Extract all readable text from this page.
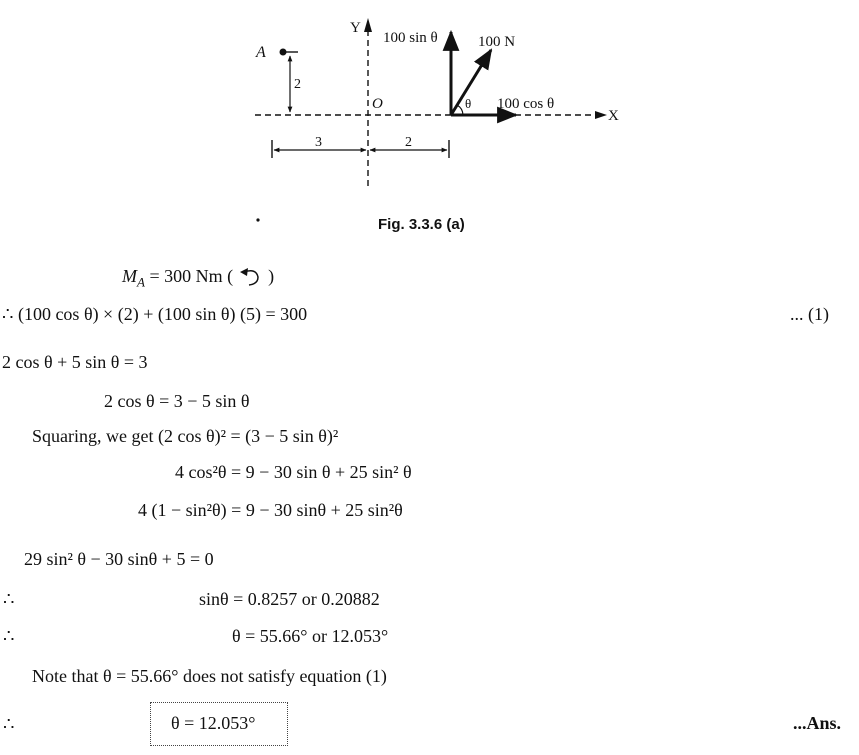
Y
A
O
X
2
3	2
100 sin θ	100 N
θ 100 cos θ
Fig. 3.3.6 (a)
$M_A = 300$ Nm ( )
∴ (100 cos θ) × (2) + (100 sin θ) (5) = 300	... (1)
2 cos θ + 5 sin θ = 3
2 cos θ = 3 − 5 sin θ
Squaring, we get (2 cos θ)² = (3 − 5 sin θ)²
4 cos²θ = 9 − 30 sin θ + 25 sin² θ
4 (1 − sin²θ) = 9 − 30 sinθ + 25 sin²θ
29 sin² θ − 30 sinθ + 5 = 0
∴	sinθ = 0.8257 or 0.20882
∴	θ = 55.66° or 12.053°
Note that θ = 55.66° does not satisfy equation (1)
∴	θ = 12.053°	...Ans.
